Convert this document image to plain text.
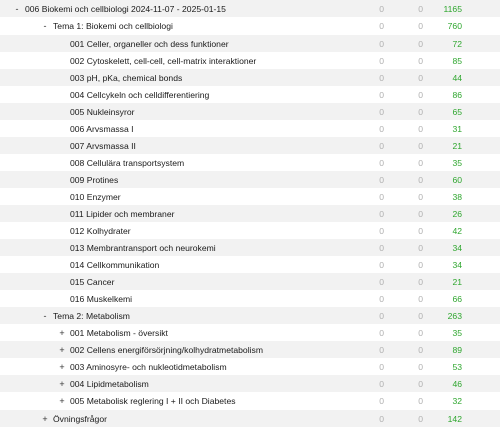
- 006 Biokemi och cellbiologi 2024-11-07 - 2025-01-15	0	0	1165
- Tema 1: Biokemi och cellbiologi	0	0	760
001 Celler, organeller och dess funktioner	0	0	72
002 Cytoskelett, cell-cell, cell-matrix interaktioner	0	0	85
003 pH, pKa, chemical bonds	0	0	44
004 Cellcykeln och celldifferentiering	0	0	86
005 Nukleinsyror	0	0	65
006 Arvsmassa I	0	0	31
007 Arvsmassa II	0	0	21
008 Cellulära transportsystem	0	0	35
009 Protines	0	0	60
010 Enzymer	0	0	38
011 Lipider och membraner	0	0	26
012 Kolhydrater	0	0	42
013 Membrantransport och neurokemi	0	0	34
014 Cellkommunikation	0	0	34
015 Cancer	0	0	21
016 Muskelkemi	0	0	66
- Tema 2: Metabolism	0	0	263
+ 001 Metabolism - översikt	0	0	35
+ 002 Cellens energiförsörjning/kolhydratmetabolism	0	0	89
+ 003 Aminosyre- och nukleotidmetabolism	0	0	53
+ 004 Lipidmetabolism	0	0	46
+ 005 Metabolisk reglering I + II och Diabetes	0	0	32
+ Övningsfrågor	0	0	142
